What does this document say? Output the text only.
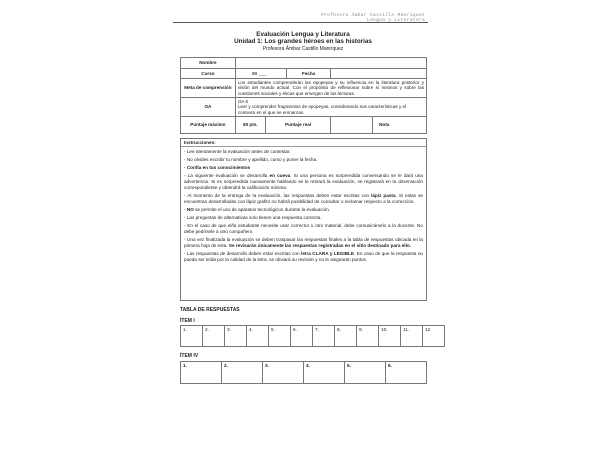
Profesora Ámbar Castillo Manríquez
Lengua y Literatura
Evaluación Lengua y Literatura
Unidad 1: Los grandes héroes en las historias
Profesora Ámbar Castillo Manríquez
Nombre					
Curso	8B ___		Fecha		
Meta de comprensión	Los estudiantes comprenderán las epopeyas y su influencia en la literatura posterior y visión del mundo actual. Con el propósito de reflexionar sobre sí mismos y sobre las cuestiones sociales y éticas que emergen de las lecturas.				
OA	OA 6
Leer y comprender fragmentos de epopeyas, considerando sus características y el contexto en el que se enmarcan.				

Puntaje máximo	50 pts.	Puntaje real			Nota
Instrucciones:
- Lee atentamente la evaluación antes de contestar.
- No olvides escribir tu nombre y apellido, curso y poner la fecha.
- Confía en tus conocimientos
- La siguiente evaluación se desarrolla en cueva. Si una persona es sorprendida conversando se le dará una advertencia. Si es sorprendida nuevamente hablando se le retirará la evaluación, se registrará en la observación correspondiente y obtendrá la calificación mínima.
- Al momento de la entrega de la evaluación, las respuestas deben estar escritas con lápiz pasta. Si estas se encuentran desarrolladas con lápiz grafito no habrá posibilidad de consultar o reclamar respecto a la corrección.
- NO se permite el uso de aparatos tecnológicos durante la evaluación.
- Las preguntas de alternativas solo tienen una respuesta correcta.
- En el caso de que el/la estudiante necesite usar corrector u otro material, debe comunicárselo a la docente. No debe pedírsele a otro compañero.
- Una vez finalizada la evaluación se deben traspasar las respuestas finales a la tabla de respuestas ubicada en la primera hoja de esta. Se revisarán únicamente las respuestas registradas en el sitio destinado para ello.
- Las respuestas de desarrollo deben estar escritas con letra CLARA y LEGIBLE. En caso de que la respuesta no pueda ser leída por la calidad de la letra, se obviará su revisión y no le asignarán puntos.
TABLA DE RESPUESTAS
ÍTEM I
1.	2.	3.	4.	5.	6.	7.	8.	9.	10.	11.	12.
ÍTEM IV
1.	2.	3.	4.	5.	6.
